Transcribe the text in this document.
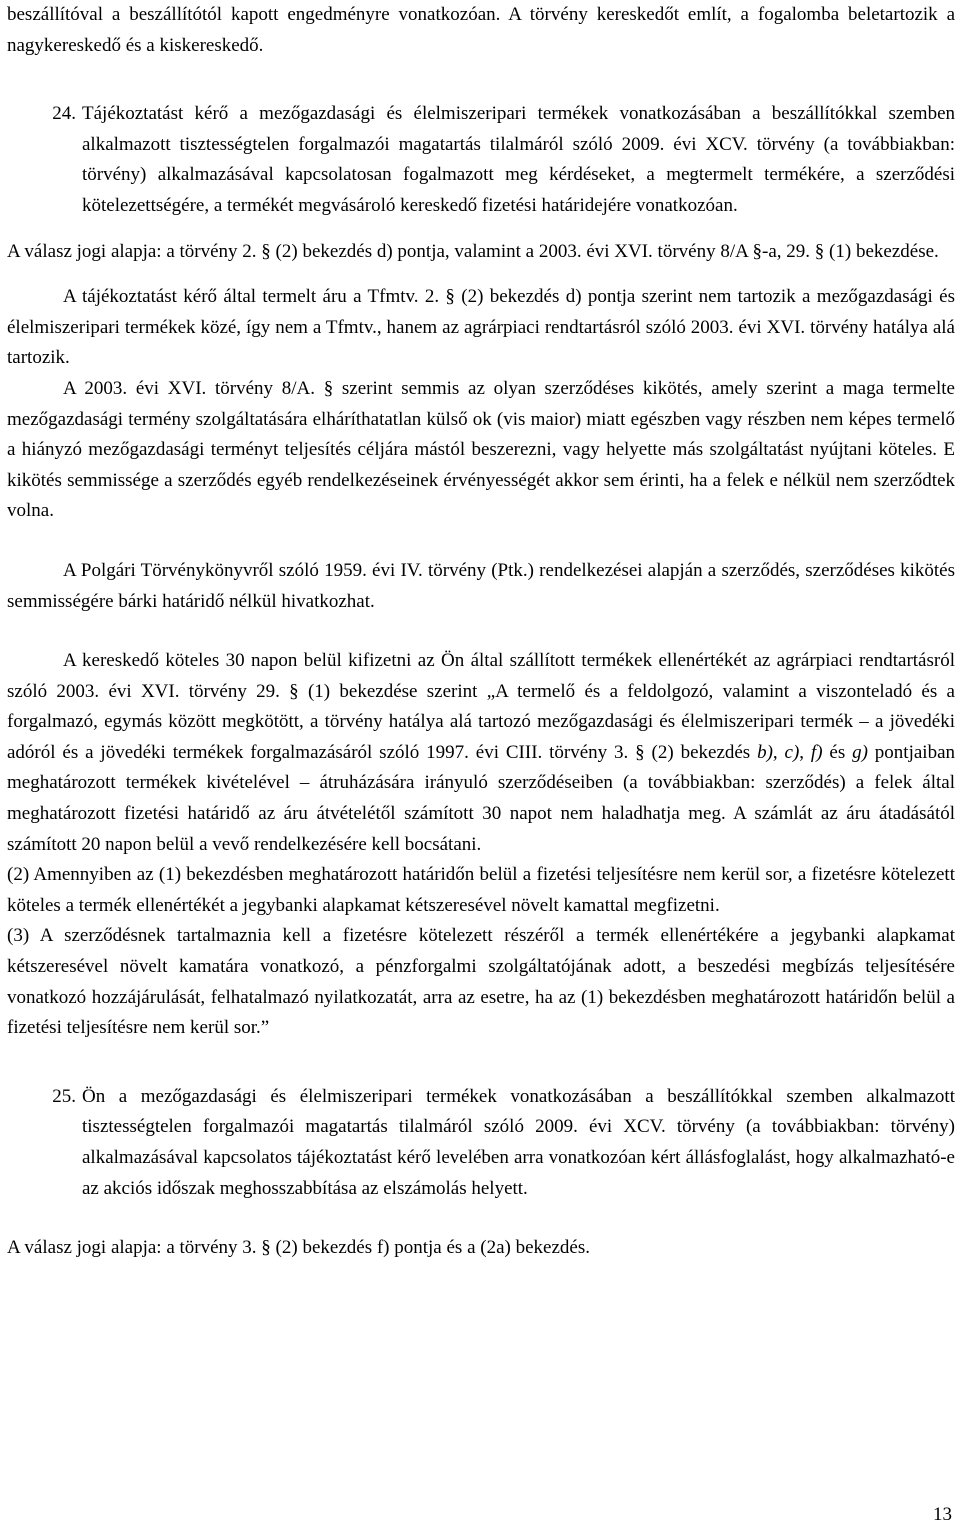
beszállítóval a beszállítótól kapott engedményre vonatkozóan. A törvény kereskedőt említ, a fogalomba beletartozik a nagykereskedő és a kiskereskedő.

24. Tájékoztatást kérő a mezőgazdasági és élelmiszeripari termékek vonatkozásában a beszállítókkal szemben alkalmazott tisztességtelen forgalmazói magatartás tilalmáról szóló 2009. évi XCV. törvény (a továbbiakban: törvény) alkalmazásával kapcsolatosan fogalmazott meg kérdéseket, a megtermelt termékére, a szerződési kötelezettségére, a termékét megvásároló kereskedő fizetési határidejére vonatkozóan.

A válasz jogi alapja: a törvény 2. § (2) bekezdés d) pontja, valamint a 2003. évi XVI. törvény 8/A §-a, 29. § (1) bekezdése.

A tájékoztatást kérő által termelt áru a Tfmtv. 2. § (2) bekezdés d) pontja szerint nem tartozik a mezőgazdasági és élelmiszeripari termékek közé, így nem a Tfmtv., hanem az agrárpiaci rendtartásról szóló 2003. évi XVI. törvény hatálya alá tartozik.

A 2003. évi XVI. törvény 8/A. § szerint semmis az olyan szerződéses kikötés, amely szerint a maga termelte mezőgazdasági termény szolgáltatására elháríthatatlan külső ok (vis maior) miatt egészben vagy részben nem képes termelő a hiányzó mezőgazdasági terményt teljesítés céljára mástól beszerezni, vagy helyette más szolgáltatást nyújtani köteles. E kikötés semmissége a szerződés egyéb rendelkezéseinek érvényességét akkor sem érinti, ha a felek e nélkül nem szerződtek volna.

A Polgári Törvénykönyvről szóló 1959. évi IV. törvény (Ptk.) rendelkezései alapján a szerződés, szerződéses kikötés semmisségére bárki határidő nélkül hivatkozhat.

A kereskedő köteles 30 napon belül kifizetni az Ön által szállított termékek ellenértékét az agrárpiaci rendtartásról szóló 2003. évi XVI. törvény 29. § (1) bekezdése szerint „A termelő és a feldolgozó, valamint a viszonteladó és a forgalmazó, egymás között megkötött, a törvény hatálya alá tartozó mezőgazdasági és élelmiszeripari termék – a jövedéki adóról és a jövedéki termékek forgalmazásáról szóló 1997. évi CIII. törvény 3. § (2) bekezdés b), c), f) és g) pontjaiban meghatározott termékek kivételével – átruházására irányuló szerződéseiben (a továbbiakban: szerződés) a felek által meghatározott fizetési határidő az áru átvételétől számított 30 napot nem haladhatja meg. A számlát az áru átadásától számított 20 napon belül a vevő rendelkezésére kell bocsátani.

(2) Amennyiben az (1) bekezdésben meghatározott határidőn belül a fizetési teljesítésre nem kerül sor, a fizetésre kötelezett köteles a termék ellenértékét a jegybanki alapkamat kétszeresével növelt kamattal megfizetni.

(3) A szerződésnek tartalmaznia kell a fizetésre kötelezett részéről a termék ellenértékére a jegybanki alapkamat kétszeresével növelt kamatára vonatkozó, a pénzforgalmi szolgáltatójának adott, a beszedési megbízás teljesítésére vonatkozó hozzájárulását, felhatalmazó nyilatkozatát, arra az esetre, ha az (1) bekezdésben meghatározott határidőn belül a fizetési teljesítésre nem kerül sor.”

25. Ön a mezőgazdasági és élelmiszeripari termékek vonatkozásában a beszállítókkal szemben alkalmazott tisztességtelen forgalmazói magatartás tilalmáról szóló 2009. évi XCV. törvény (a továbbiakban: törvény) alkalmazásával kapcsolatos tájékoztatást kérő levelében arra vonatkozóan kért állásfoglalást, hogy alkalmazható-e az akciós időszak meghosszabbítása az elszámolás helyett.

A válasz jogi alapja: a törvény 3. § (2) bekezdés f) pontja és a (2a) bekezdés.

13
